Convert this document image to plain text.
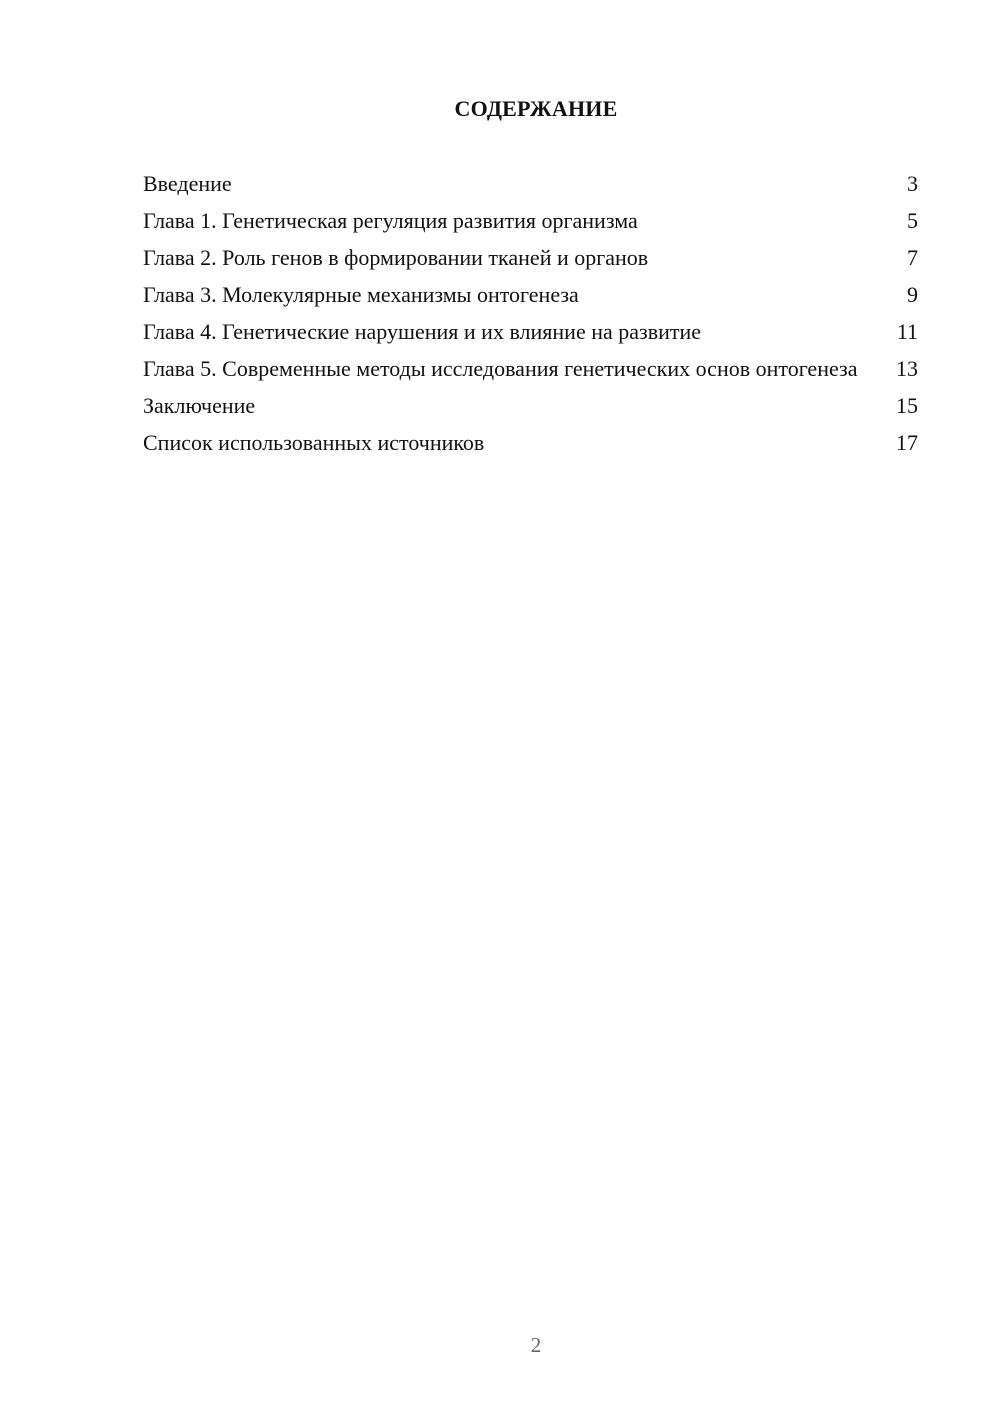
СОДЕРЖАНИЕ
Введение	3
Глава 1. Генетическая регуляция развития организма	5
Глава 2. Роль генов в формировании тканей и органов	7
Глава 3. Молекулярные механизмы онтогенеза	9
Глава 4. Генетические нарушения и их влияние на развитие	11
Глава 5. Современные методы исследования генетических основ онтогенеза	13
Заключение	15
Список использованных источников	17
2
